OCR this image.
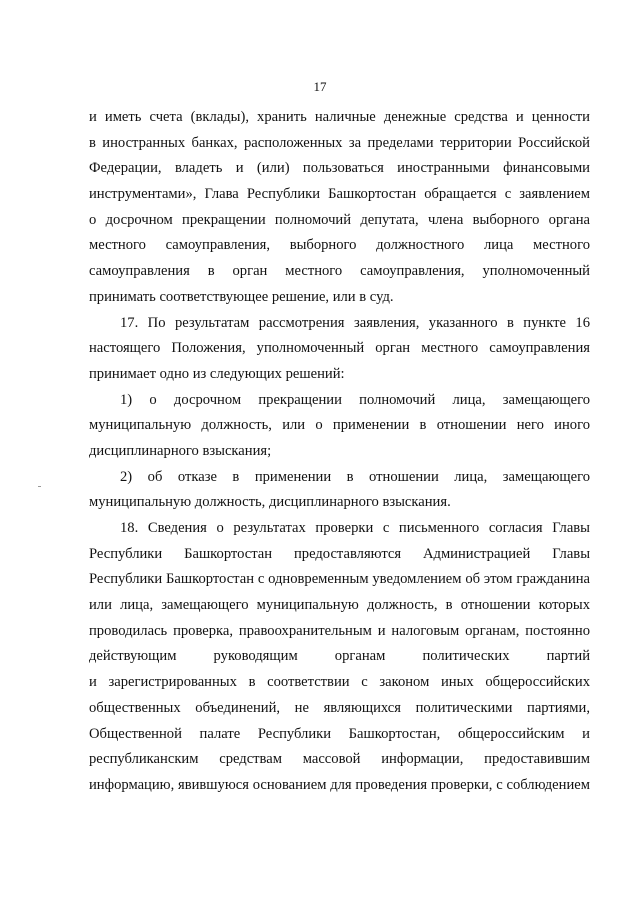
17
и иметь счета (вклады), хранить наличные денежные средства и ценности
в иностранных банках, расположенных за пределами территории Российской
Федерации, владеть и (или) пользоваться иностранными финансовыми
инструментами», Глава Республики Башкортостан обращается с заявлением
о досрочном прекращении полномочий депутата, члена выборного органа
местного самоуправления, выборного должностного лица местного
самоуправления в орган местного самоуправления, уполномоченный
принимать соответствующее решение, или в суд.
17. По результатам рассмотрения заявления, указанного в пункте 16
настоящего Положения, уполномоченный орган местного самоуправления
принимает одно из следующих решений:
1) о досрочном прекращении полномочий лица, замещающего
муниципальную должность, или о применении в отношении него иного
дисциплинарного взыскания;
2) об отказе в применении в отношении лица, замещающего
муниципальную должность, дисциплинарного взыскания.
18. Сведения о результатах проверки с письменного согласия Главы
Республики Башкортостан предоставляются Администрацией Главы
Республики Башкортостан с одновременным уведомлением об этом гражданина
или лица, замещающего муниципальную должность, в отношении которых
проводилась проверка, правоохранительным и налоговым органам, постоянно
действующим руководящим органам политических партий
и зарегистрированных в соответствии с законом иных общероссийских
общественных объединений, не являющихся политическими партиями,
Общественной палате Республики Башкортостан, общероссийским и
республиканским средствам массовой информации, предоставившим
информацию, явившуюся основанием для проведения проверки, с соблюдением
